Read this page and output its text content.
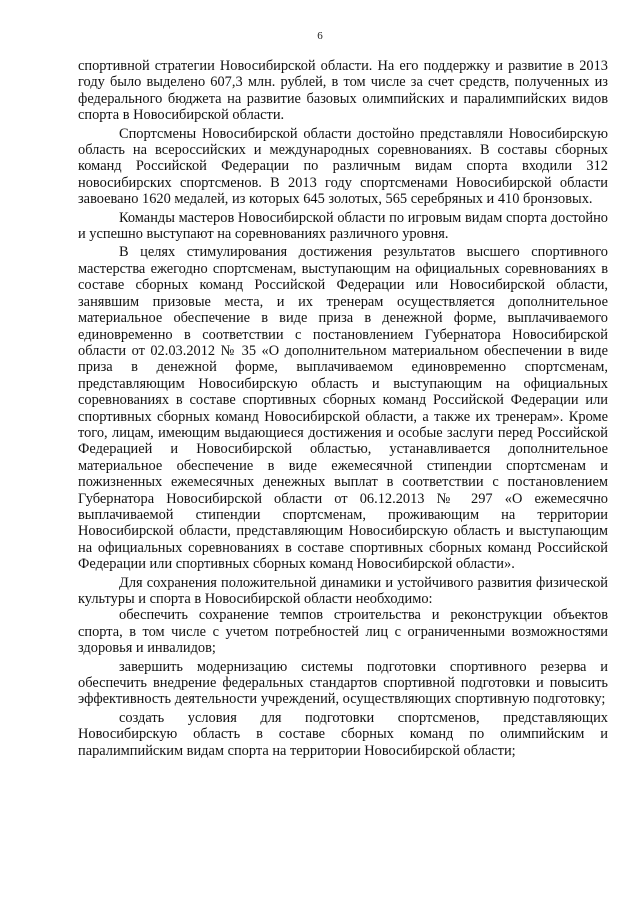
6

спортивной стратегии Новосибирской области. На его поддержку и развитие в 2013 году было выделено 607,3 млн. рублей, в том числе за счет средств, полученных из федерального бюджета на развитие базовых олимпийских и паралимпийских видов спорта в Новосибирской области.

Спортсмены Новосибирской области достойно представляли Новосибирскую область на всероссийских и международных соревнованиях. В составы сборных команд Российской Федерации по различным видам спорта входили 312 новосибирских спортсменов. В 2013 году спортсменами Новосибирской области завоевано 1620 медалей, из которых 645 золотых, 565 серебряных и 410 бронзовых.

Команды мастеров Новосибирской области по игровым видам спорта достойно и успешно выступают на соревнованиях различного уровня.

В целях стимулирования достижения результатов высшего спортивного мастерства ежегодно спортсменам, выступающим на официальных соревнованиях в составе сборных команд Российской Федерации или Новосибирской области, занявшим призовые места, и их тренерам осуществляется дополнительное материальное обеспечение в виде приза в денежной форме, выплачиваемого единовременно в соответствии с постановлением Губернатора Новосибирской области от 02.03.2012 № 35 «О дополнительном материальном обеспечении в виде приза в денежной форме, выплачиваемом единовременно спортсменам, представляющим Новосибирскую область и выступающим на официальных соревнованиях в составе спортивных сборных команд Российской Федерации или спортивных сборных команд Новосибирской области, а также их тренерам». Кроме того, лицам, имеющим выдающиеся достижения и особые заслуги перед Российской Федерацией и Новосибирской областью, устанавливается дополнительное материальное обеспечение в виде ежемесячной стипендии спортсменам и пожизненных ежемесячных денежных выплат в соответствии с постановлением Губернатора Новосибирской области от 06.12.2013 № 297 «О ежемесячно выплачиваемой стипендии спортсменам, проживающим на территории Новосибирской области, представляющим Новосибирскую область и выступающим на официальных соревнованиях в составе спортивных сборных команд Российской Федерации или спортивных сборных команд Новосибирской области».

Для сохранения положительной динамики и устойчивого развития физической культуры и спорта в Новосибирской области необходимо:

обеспечить сохранение темпов строительства и реконструкции объектов спорта, в том числе с учетом потребностей лиц с ограниченными возможностями здоровья и инвалидов;

завершить модернизацию системы подготовки спортивного резерва и обеспечить внедрение федеральных стандартов спортивной подготовки и повысить эффективность деятельности учреждений, осуществляющих спортивную подготовку;

создать условия для подготовки спортсменов, представляющих Новосибирскую область в составе сборных команд по олимпийским и паралимпийским видам спорта на территории Новосибирской области;
